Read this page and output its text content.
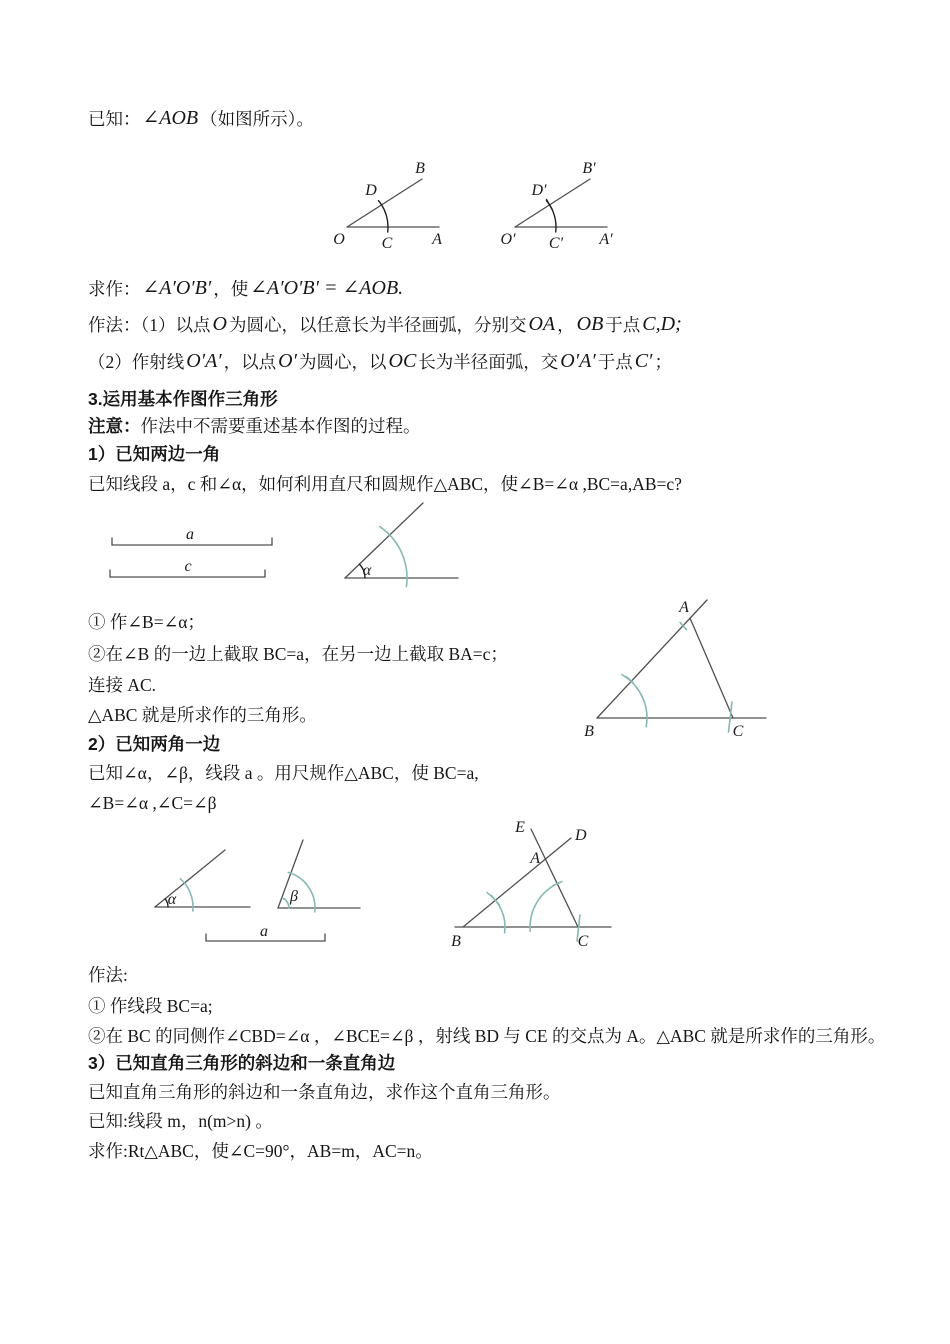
已知： ∠AOB （如图所示）。
O C A
D
B
O′ C′ A′
D′
B′
求作： ∠A′O′B′ ，使 ∠A′O′B′ = ∠AOB.
作法：（1）以点 O 为圆心，以任意长为半径画弧，分别交 OA ， OB 于点 C,D;
（2）作射线 O′A′ ，以点 O′ 为圆心，以 OC 长为半径面弧，交 O′A′ 于点 C′ ；
3.运用基本作图作三角形
注意：作法中不需要重述基本作图的过程。
1）已知两边一角
已知线段 a，c 和∠α，如何利用直尺和圆规作△ABC，使∠B=∠α ,BC=a,AB=c?
a
c	α
① 作∠B=∠α；
②在∠B 的一边上截取 BC=a，在另一边上截取 BA=c；
连接 AC.
△ABC 就是所求作的三角形。
A
B	C
2）已知两角一边
已知∠α，∠β，线段 a 。用尺规作△ABC，使 BC=a,
∠B=∠α ,∠C=∠β
α	β
a
E	D
A
B	C
作法:
① 作线段 BC=a;
②在 BC 的同侧作∠CBD=∠α ，∠BCE=∠β ，射线 BD 与 CE 的交点为 A。△ABC 就是所求作的三角形。
3）已知直角三角形的斜边和一条直角边
已知直角三角形的斜边和一条直角边，求作这个直角三角形。
已知:线段 m，n(m>n) 。
求作:Rt△ABC，使∠C=90°，AB=m，AC=n。
